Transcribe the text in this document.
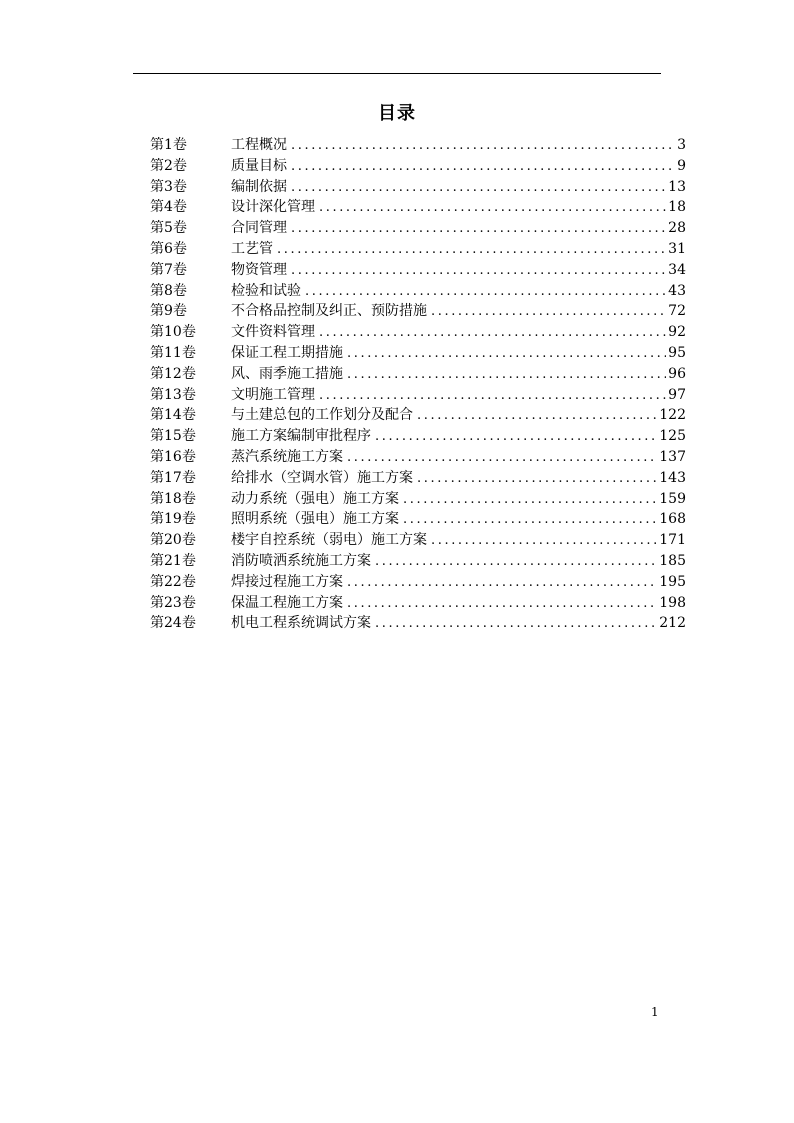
目录
第1卷	工程概况 .....	3
第2卷	质量目标 .....	9
第3卷	编制依据 .....	13
第4卷	设计深化管理 .....	18
第5卷	合同管理 .....	28
第6卷	工艺管 .....	31
第7卷	物资管理 .....	34
第8卷	检验和试验 .....	43
第9卷	不合格品控制及纠正、预防措施 .....	72
第10卷	文件资料管理 .....	92
第11卷	保证工程工期措施 .....	95
第12卷	风、雨季施工措施 .....	96
第13卷	文明施工管理 .....	97
第14卷	与土建总包的工作划分及配合 .....	122
第15卷	施工方案编制审批程序 .....	125
第16卷	蒸汽系统施工方案 .....	137
第17卷	给排水（空调水管）施工方案 .....	143
第18卷	动力系统（强电）施工方案 .....	159
第19卷	照明系统（强电）施工方案 .....	168
第20卷	楼宇自控系统（弱电）施工方案 .....	171
第21卷	消防喷洒系统施工方案 .....	185
第22卷	焊接过程施工方案 .....	195
第23卷	保温工程施工方案 .....	198
第24卷	机电工程系统调试方案 .....	212
1
